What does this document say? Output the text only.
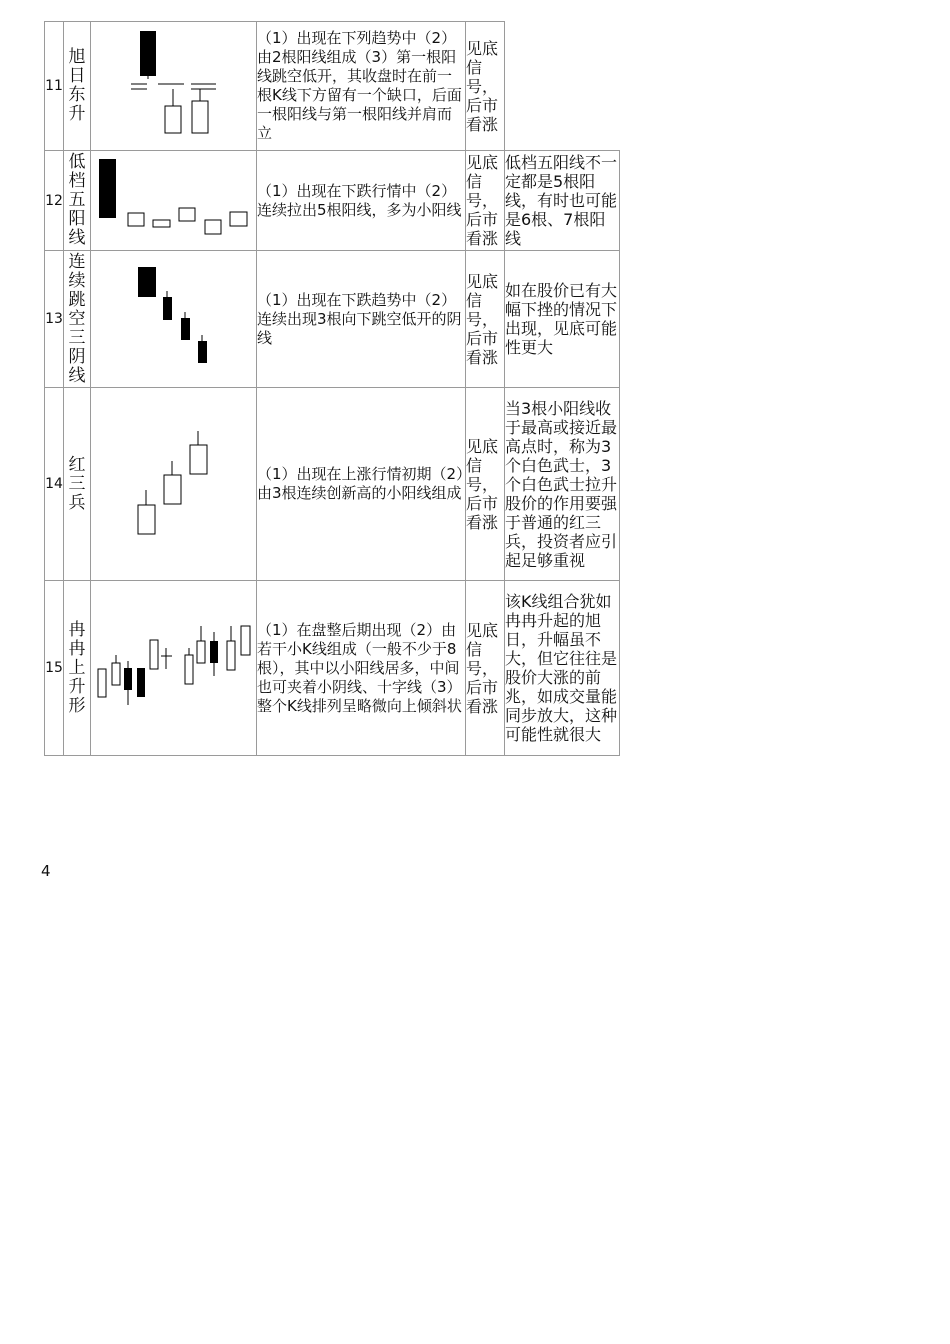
11	旭日东升		（1）出现在下列趋势中（2）由2根阳线组成（3）第一根阳线跳空低开，其收盘时在前一根K线下方留有一个缺口，后面一根阳线与第一根阳线并肩而立	见底信号，后市看涨	
12	低档五阳线		（1）出现在下跌行情中（2）连续拉出5根阳线，多为小阳线	见底信号，后市看涨	低档五阳线不一定都是5根阳线，有时也可能是6根、7根阳线
13	连续跳空三阴线		（1）出现在下跌趋势中（2）连续出现3根向下跳空低开的阴线	见底信号，后市看涨	如在股价已有大幅下挫的情况下出现，见底可能性更大
14	红三兵		（1）出现在上涨行情初期（2）由3根连续创新高的小阳线组成	见底信号，后市看涨	当3根小阳线收于最高或接近最高点时，称为3个白色武士，3个白色武士拉升股价的作用要强于普通的红三兵，投资者应引起足够重视
15	冉冉上升形		（1）在盘整后期出现（2）由若干小K线组成（一般不少于8根），其中以小阳线居多，中间也可夹着小阴线、十字线（3）整个K线排列呈略微向上倾斜状	见底信号，后市看涨	该K线组合犹如冉冉升起的旭日，升幅虽不大，但它往往是股价大涨的前兆，如成交量能同步放大，这种可能性就很大
4
